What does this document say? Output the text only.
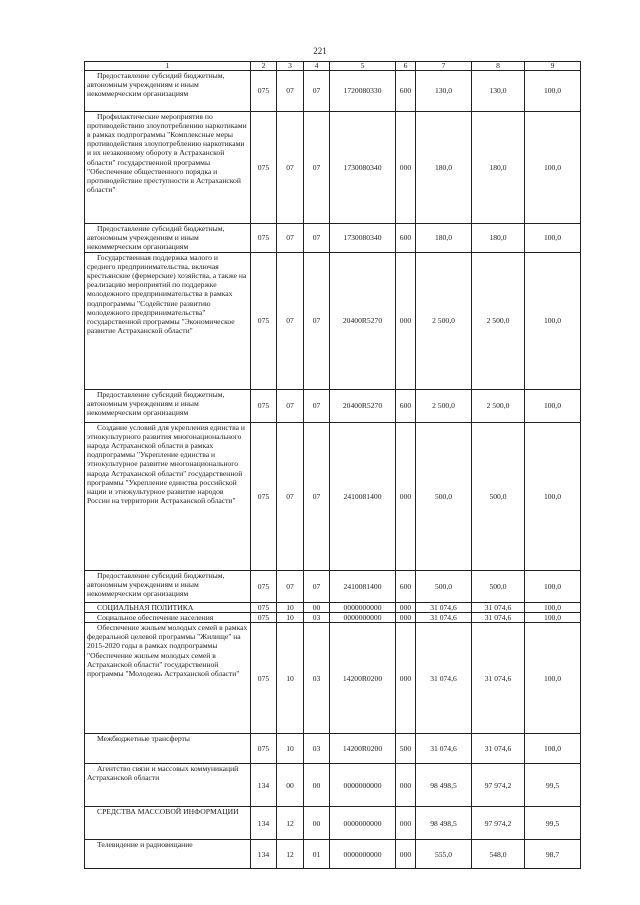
221
1	2	3	4	5	6	7	8	9

Предоставление субсидий бюджетным, автономным учреждениям и иным некоммерческим организациям	075	07	07	1720080330	600	130,0	130,0	100,0

Профилактические мероприятия по противодействию злоупотреблению наркотиками в рамках подпрограммы "Комплексные меры противодействия злоупотреблению наркотиками и их незаконному обороту в Астраханской области" государственной программы "Обеспечение общественного порядка и противодействие преступности в Астраханской области"	075	07	07	1730080340	000	180,0	180,0	100,0

Предоставление субсидий бюджетным, автономным учреждениям и иным некоммерческим организациям	075	07	07	1730080340	600	180,0	180,0	100,0

Государственная поддержка малого и среднего предпринимательства, включая крестьянские (фермерские) хозяйства, а также на реализацию мероприятий по поддержке молодежного предпринимательства в рамках подпрограммы "Содействие развитию молодежного предпринимательства" государственной программы "Экономическое развитие Астраханской области"	075	07	07	20400R5270	000	2 500,0	2 500,0	100,0

Предоставление субсидий бюджетным, автономным учреждениям и иным некоммерческим организациям	075	07	07	20400R5270	600	2 500,0	2 500,0	100,0

Создание условий для укрепления единства и этнокультурного развития многонационального народа Астраханской области в рамках подпрограммы "Укрепление единства и этнокультурное развитие многонационального народа Астраханской области" государственной программы "Укрепление единства российской нации и этнокультурное развитие народов России на территории Астраханской области"	075	07	07	2410081400	000	500,0	500,0	100,0

Предоставление субсидий бюджетным, автономным учреждениям и иным некоммерческим организациям	075	07	07	2410081400	600	500,0	500,0	100,0

СОЦИАЛЬНАЯ ПОЛИТИКА	075	10	00	0000000000	000	31 074,6	31 074,6	100,0

Социальное обеспечение населения	075	10	03	0000000000	000	31 074,6	31 074,6	100,0

Обеспечение жильем молодых семей в рамках федеральной целевой программы "Жилище" на 2015-2020 годы в рамках подпрограммы "Обеспечение жильем молодых семей в Астраханской области" государственной программы "Молодежь Астраханской области"	075	10	03	14200R0200	000	31 074,6	31 074,6	100,0

Межбюджетные трансферты	075	10	03	14200R0200	500	31 074,6	31 074,6	100,0

Агентство связи и массовых коммуникаций Астраханской области	134	00	00	0000000000	000	98 498,5	97 974,2	99,5

СРЕДСТВА МАССОВОЙ ИНФОРМАЦИИ	134	12	00	0000000000	000	98 498,5	97 974,2	99,5

Телевидение и радиовещание	134	12	01	0000000000	000	555,0	548,0	98,7
